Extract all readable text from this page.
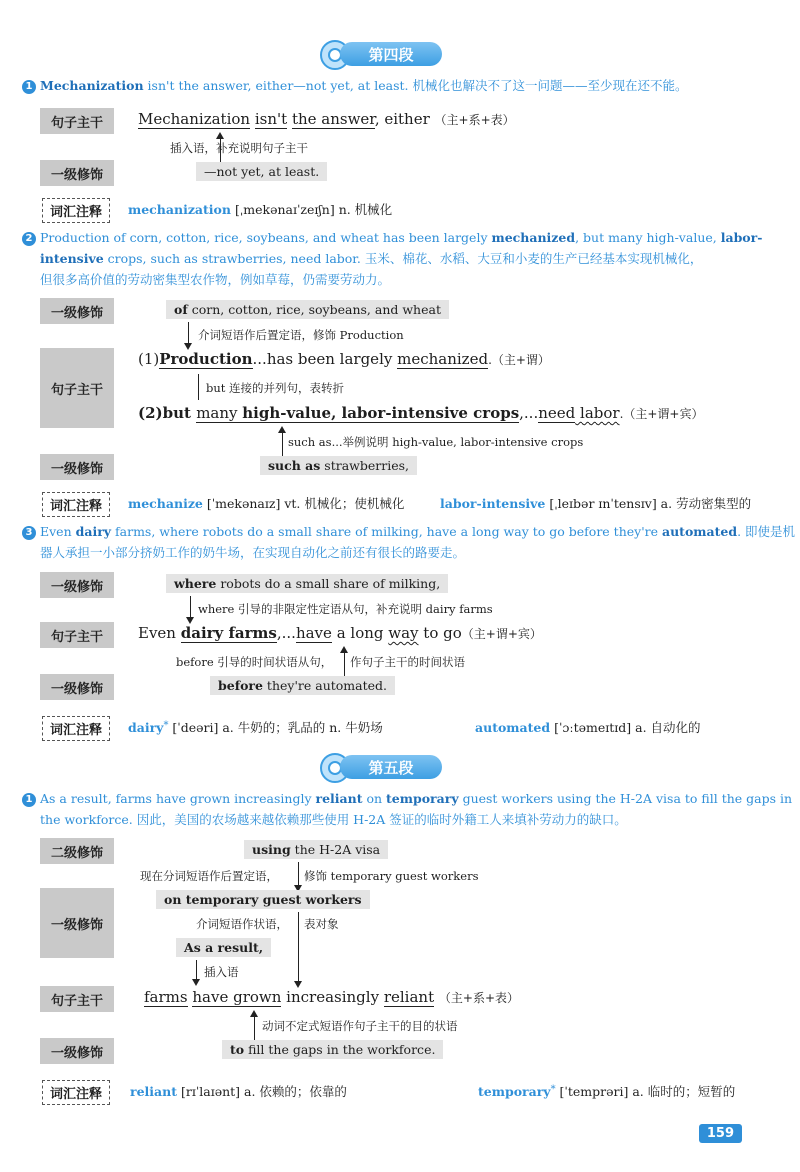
第四段
1 Mechanization isn't the answer, either—not yet, at least. 机械化也解决不了这一问题——至少现在还不能。
句子主干	Mechanization isn't the answer, either （主+系+表）
插入语，补充说明句子主干
一级修饰	—not yet, at least.
词汇注释	mechanization [ˌmekənaɪˈzeɪʃn] n. 机械化
2 Production of corn, cotton, rice, soybeans, and wheat has been largely mechanized, but many high-value, labor-
intensive crops, such as strawberries, need labor. 玉米、棉花、水稻、大豆和小麦的生产已经基本实现机械化，
但很多高价值的劳动密集型农作物，例如草莓，仍需要劳动力。
一级修饰	of corn, cotton, rice, soybeans, and wheat
介词短语作后置定语，修饰 Production
句子主干
(1)Production...has been largely mechanized.（主+谓）
but 连接的并列句，表转折
(2)but many high-value, labor-intensive crops,...need labor.（主+谓+宾）
such as...举例说明 high-value, labor-intensive crops
一级修饰	such as strawberries,
词汇注释	mechanize [ˈmekənaɪz] vt. 机械化；使机械化	labor-intensive [ˌleɪbər ɪnˈtensɪv] a. 劳动密集型的
3 Even dairy farms, where robots do a small share of milking, have a long way to go before they're automated. 即使是机
器人承担一小部分挤奶工作的奶牛场，在实现自动化之前还有很长的路要走。
一级修饰	where robots do a small share of milking,
where 引导的非限定性定语从句，补充说明 dairy farms
句子主干	Even dairy farms,...have a long way to go（主+谓+宾）
before 引导的时间状语从句， 作句子主干的时间状语
一级修饰	before they're automated.
词汇注释	dairy* [ˈdeəri] a. 牛奶的；乳品的 n. 牛奶场	automated [ˈɔːtəmeɪtɪd] a. 自动化的
第五段
1 As a result, farms have grown increasingly reliant on temporary guest workers using the H-2A visa to fill the gaps in
the workforce. 因此，美国的农场越来越依赖那些使用 H-2A 签证的临时外籍工人来填补劳动力的缺口。
二级修饰	using the H-2A visa
现在分词短语作后置定语， 修饰 temporary guest workers
一级修饰
on temporary guest workers
介词短语作状语， 表对象
As a result,
插入语
句子主干	farms have grown increasingly reliant （主+系+表）
动词不定式短语作句子主干的目的状语
一级修饰	to fill the gaps in the workforce.
词汇注释	reliant [rɪˈlaɪənt] a. 依赖的；依靠的	temporary* [ˈtemprəri] a. 临时的；短暂的
159
